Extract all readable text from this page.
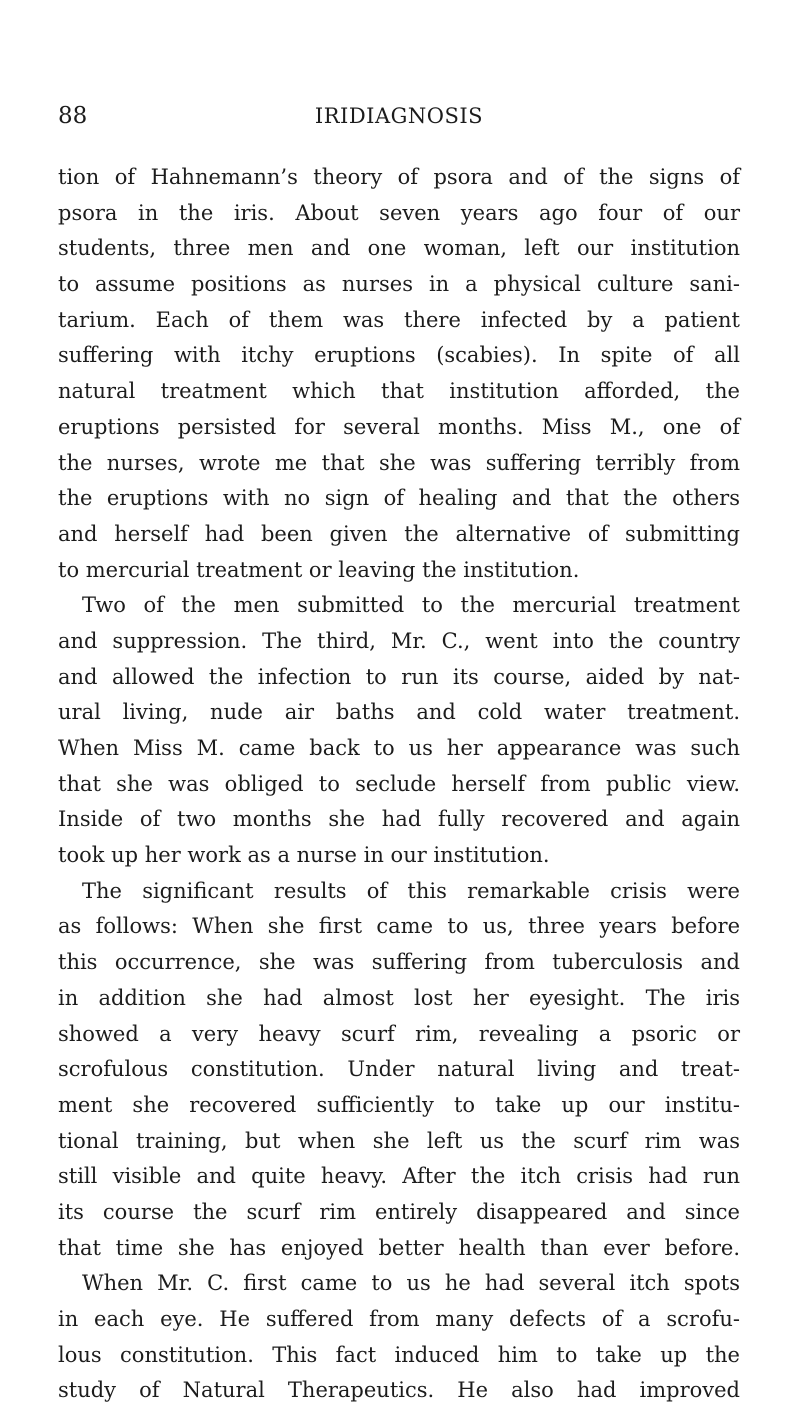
88	IRIDIAGNOSIS
tion of Hahnemann’s theory of psora and of the signs of
psora in the iris. About seven years ago four of our
students, three men and one woman, left our institution
to assume positions as nurses in a physical culture sani-
tarium. Each of them was there infected by a patient
suffering with itchy eruptions (scabies). In spite of all
natural treatment which that institution afforded, the
eruptions persisted for several months. Miss M., one of
the nurses, wrote me that she was suffering terribly from
the eruptions with no sign of healing and that the others
and herself had been given the alternative of submitting
to mercurial treatment or leaving the institution.
Two of the men submitted to the mercurial treatment
and suppression. The third, Mr. C., went into the country
and allowed the infection to run its course, aided by nat-
ural living, nude air baths and cold water treatment.
When Miss M. came back to us her appearance was such
that she was obliged to seclude herself from public view.
Inside of two months she had fully recovered and again
took up her work as a nurse in our institution.
The significant results of this remarkable crisis were
as follows: When she first came to us, three years before
this occurrence, she was suffering from tuberculosis and
in addition she had almost lost her eyesight. The iris
showed a very heavy scurf rim, revealing a psoric or
scrofulous constitution. Under natural living and treat-
ment she recovered sufficiently to take up our institu-
tional training, but when she left us the scurf rim was
still visible and quite heavy. After the itch crisis had run
its course the scurf rim entirely disappeared and since
that time she has enjoyed better health than ever before.
When Mr. C. first came to us he had several itch spots
in each eye. He suffered from many defects of a scrofu-
lous constitution. This fact induced him to take up the
study of Natural Therapeutics. He also had improved
